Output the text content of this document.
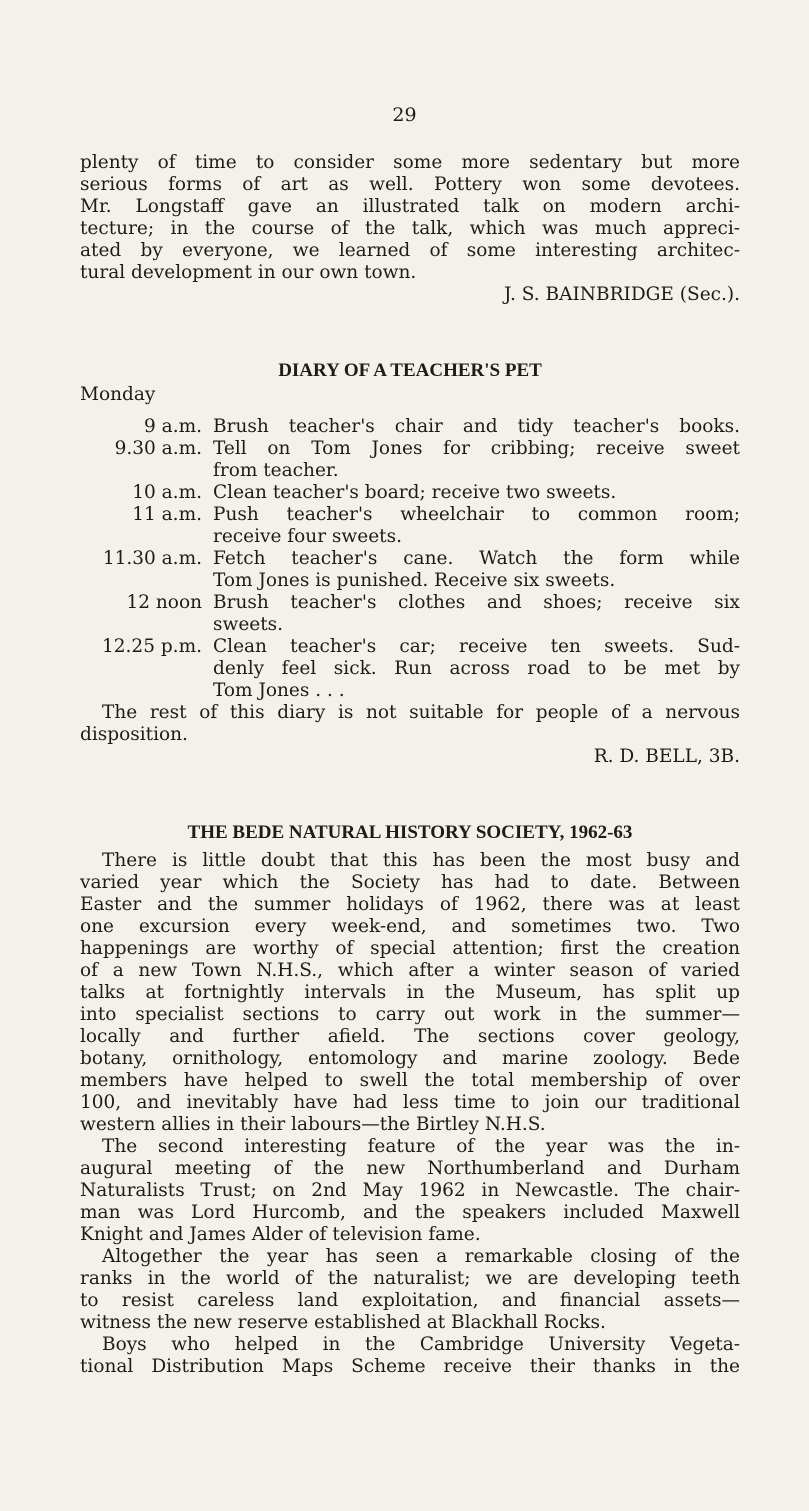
29
plenty of time to consider some more sedentary but more
serious forms of art as well. Pottery won some devotees.
Mr. Longstaff gave an illustrated talk on modern archi-
tecture; in the course of the talk, which was much appreci-
ated by everyone, we learned of some interesting architec-
tural development in our own town.
J. S. BAINBRIDGE (Sec.).
DIARY OF A TEACHER'S PET
Monday
9 a.m. Brush teacher's chair and tidy teacher's books.
9.30 a.m. Tell on Tom Jones for cribbing; receive sweet
from teacher.
10 a.m. Clean teacher's board; receive two sweets.
11 a.m. Push teacher's wheelchair to common room;
receive four sweets.
11.30 a.m. Fetch teacher's cane. Watch the form while
Tom Jones is punished. Receive six sweets.
12 noon Brush teacher's clothes and shoes; receive six
sweets.
12.25 p.m. Clean teacher's car; receive ten sweets. Sud-
denly feel sick. Run across road to be met by
Tom Jones . . .
The rest of this diary is not suitable for people of a nervous
disposition.
R. D. BELL, 3B.
THE BEDE NATURAL HISTORY SOCIETY, 1962-63
There is little doubt that this has been the most busy and
varied year which the Society has had to date. Between
Easter and the summer holidays of 1962, there was at least
one excursion every week-end, and sometimes two. Two
happenings are worthy of special attention; first the creation
of a new Town N.H.S., which after a winter season of varied
talks at fortnightly intervals in the Museum, has split up
into specialist sections to carry out work in the summer—
locally and further afield. The sections cover geology,
botany, ornithology, entomology and marine zoology. Bede
members have helped to swell the total membership of over
100, and inevitably have had less time to join our traditional
western allies in their labours—the Birtley N.H.S.
The second interesting feature of the year was the in-
augural meeting of the new Northumberland and Durham
Naturalists Trust; on 2nd May 1962 in Newcastle. The chair-
man was Lord Hurcomb, and the speakers included Maxwell
Knight and James Alder of television fame.
Altogether the year has seen a remarkable closing of the
ranks in the world of the naturalist; we are developing teeth
to resist careless land exploitation, and financial assets—
witness the new reserve established at Blackhall Rocks.
Boys who helped in the Cambridge University Vegeta-
tional Distribution Maps Scheme receive their thanks in the
